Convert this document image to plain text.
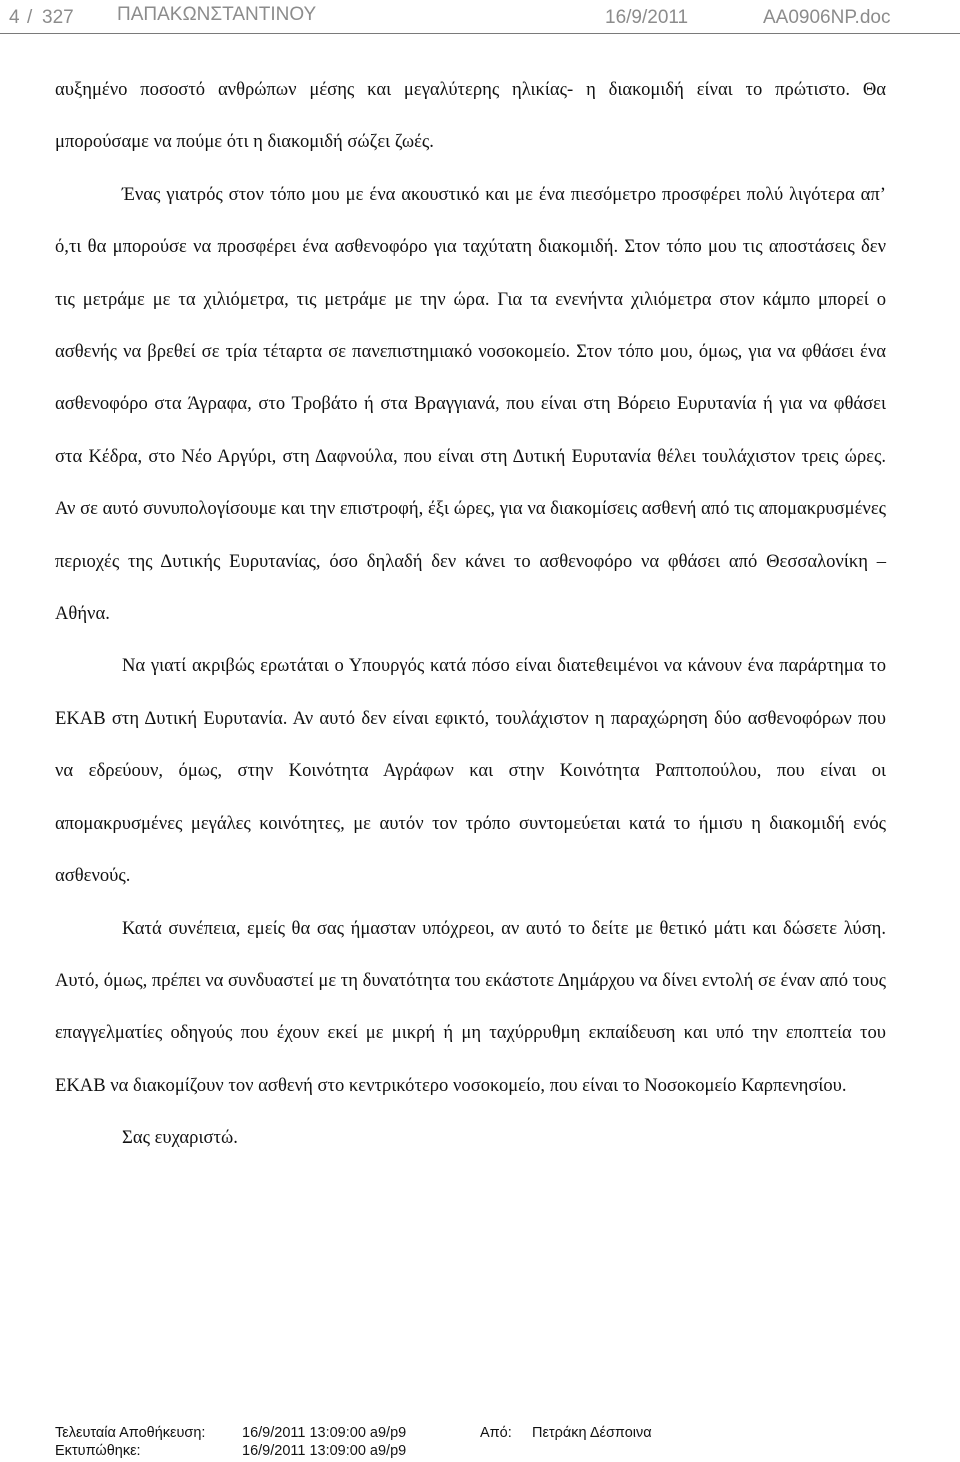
4 / 327 ΠΑΠΑΚΩΝΣΤΑΝΤΙΝΟΥ	16/9/2011	AA0906NP.doc

αυξημένο ποσοστό ανθρώπων μέσης και μεγαλύτερης ηλικίας- η διακομιδή είναι το πρώτιστο. Θα μπορούσαμε να πούμε ότι η διακομιδή σώζει ζωές.

Ένας γιατρός στον τόπο μου με ένα ακουστικό και με ένα πιεσόμετρο προσφέρει πολύ λιγότερα απ’ ό,τι θα μπορούσε να προσφέρει ένα ασθενοφόρο για ταχύτατη διακομιδή. Στον τόπο μου τις αποστάσεις δεν τις μετράμε με τα χιλιόμετρα, τις μετράμε με την ώρα. Για τα ενενήντα χιλιόμετρα στον κάμπο μπορεί ο ασθενής να βρεθεί σε τρία τέταρτα σε πανεπιστημιακό νοσοκομείο. Στον τόπο μου, όμως, για να φθάσει ένα ασθενοφόρο στα Άγραφα, στο Τροβάτο ή στα Βραγγιανά, που είναι στη Βόρειο Ευρυτανία ή για να φθάσει στα Κέδρα, στο Νέο Αργύρι, στη Δαφνούλα, που είναι στη Δυτική Ευρυτανία θέλει τουλάχιστον τρεις ώρες. Αν σε αυτό συνυπολογίσουμε και την επιστροφή, έξι ώρες, για να διακομίσεις ασθενή από τις απομακρυσμένες περιοχές της Δυτικής Ευρυτανίας, όσο δηλαδή δεν κάνει το ασθενοφόρο να φθάσει από Θεσσαλονίκη – Αθήνα.

Να γιατί ακριβώς ερωτάται ο Υπουργός κατά πόσο είναι διατεθειμένοι να κάνουν ένα παράρτημα το ΕΚΑΒ στη Δυτική Ευρυτανία. Αν αυτό δεν είναι εφικτό, τουλάχιστον η παραχώρηση δύο ασθενοφόρων που να εδρεύουν, όμως, στην Κοινότητα Αγράφων και στην Κοινότητα Ραπτοπούλου, που είναι οι απομακρυσμένες μεγάλες κοινότητες, με αυτόν τον τρόπο συντομεύεται κατά το ήμισυ η διακομιδή ενός ασθενούς.

Κατά συνέπεια, εμείς θα σας ήμασταν υπόχρεοι, αν αυτό το δείτε με θετικό μάτι και δώσετε λύση. Αυτό, όμως, πρέπει να συνδυαστεί με τη δυνατότητα του εκάστοτε Δημάρχου να δίνει εντολή σε έναν από τους επαγγελματίες οδηγούς που έχουν εκεί με μικρή ή μη ταχύρρυθμη εκπαίδευση και υπό την εποπτεία του ΕΚΑΒ να διακομίζουν τον ασθενή στο κεντρικότερο νοσοκομείο, που είναι το Νοσοκομείο Καρπενησίου.

Σας ευχαριστώ.

Τελευταία Αποθήκευση:	16/9/2011 13:09:00 a9/p9	Από: Πετράκη Δέσποινα
Εκτυπώθηκε:	16/9/2011 13:09:00 a9/p9
